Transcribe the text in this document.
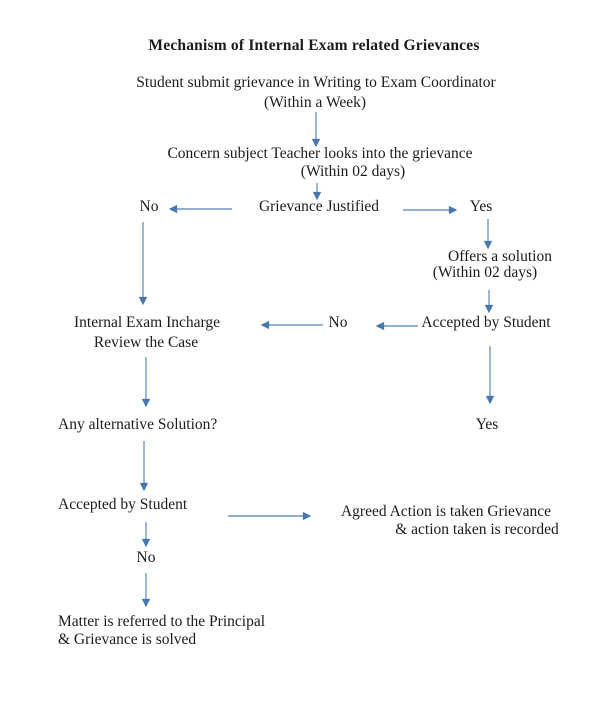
Mechanism of Internal Exam related Grievances
Student submit grievance in Writing to Exam Coordinator
(Within a Week)
Concern subject Teacher looks into the grievance
(Within 02 days)
No	Grievance Justified	Yes
Offers a solution
(Within 02 days)
Accepted by Student
No
Internal Exam Incharge
Review the Case
Any alternative Solution?	Yes
Accepted by Student	Agreed Action is taken Grievance
& action taken is recorded
No
Matter is referred to the Principal
& Grievance is solved
